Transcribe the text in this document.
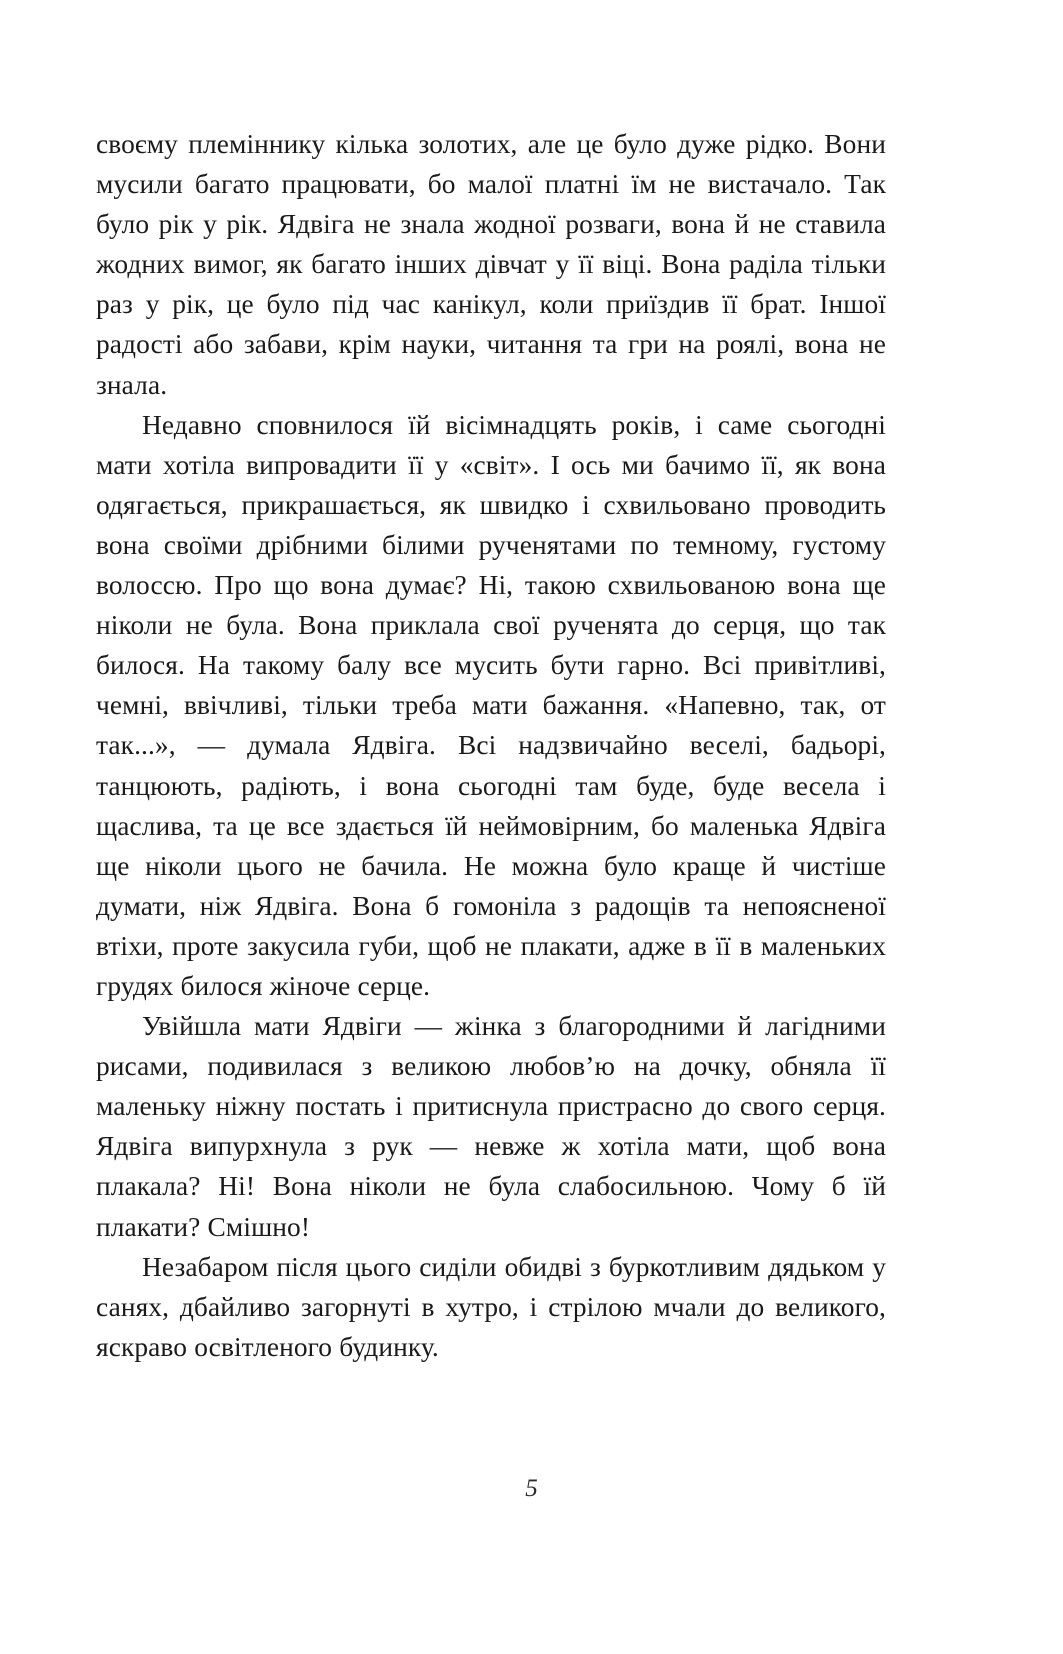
своєму племіннику кілька золотих, але це було дуже рідко. Вони мусили багато працювати, бо малої платні їм не вистачало. Так було рік у рік. Ядвіга не знала жодної розваги, вона й не ставила жодних вимог, як багато інших дівчат у її віці. Вона раділа тільки раз у рік, це було під час канікул, коли приїздив її брат. Іншої радості або забави, крім науки, читання та гри на роялі, вона не знала.

Недавно сповнилося їй вісімнадцять років, і саме сьогодні мати хотіла випровадити її у «світ». І ось ми бачимо її, як вона одягається, прикрашається, як швидко і схвильовано проводить вона своїми дрібними білими рученятами по темному, густому волоссю. Про що вона думає? Ні, такою схвильованою вона ще ніколи не була. Вона приклала свої рученята до серця, що так билося. На такому балу все мусить бути гарно. Всі привітливі, чемні, ввічливі, тільки треба мати бажання. «Напевно, так, от так...», — думала Ядвіга. Всі надзвичайно веселі, бадьорі, танцюють, радіють, і вона сьогодні там буде, буде весела і щаслива, та це все здається їй неймовірним, бо маленька Ядвіга ще ніколи цього не бачила. Не можна було краще й чистіше думати, ніж Ядвіга. Вона б гомоніла з радощів та непоясненої втіхи, проте закусила губи, щоб не плакати, адже в її в маленьких грудях билося жіноче серце.

Увійшла мати Ядвіги — жінка з благородними й лагідними рисами, подивилася з великою любов’ю на дочку, обняла її маленьку ніжну постать і притиснула пристрасно до свого серця. Ядвіга випурхнула з рук — невже ж хотіла мати, щоб вона плакала? Ні! Вона ніколи не була слабосильною. Чому б їй плакати? Смішно!

Незабаром після цього сиділи обидві з буркотливим дядьком у санях, дбайливо загорнуті в хутро, і стрілою мчали до великого, яскраво освітленого будинку.

5
